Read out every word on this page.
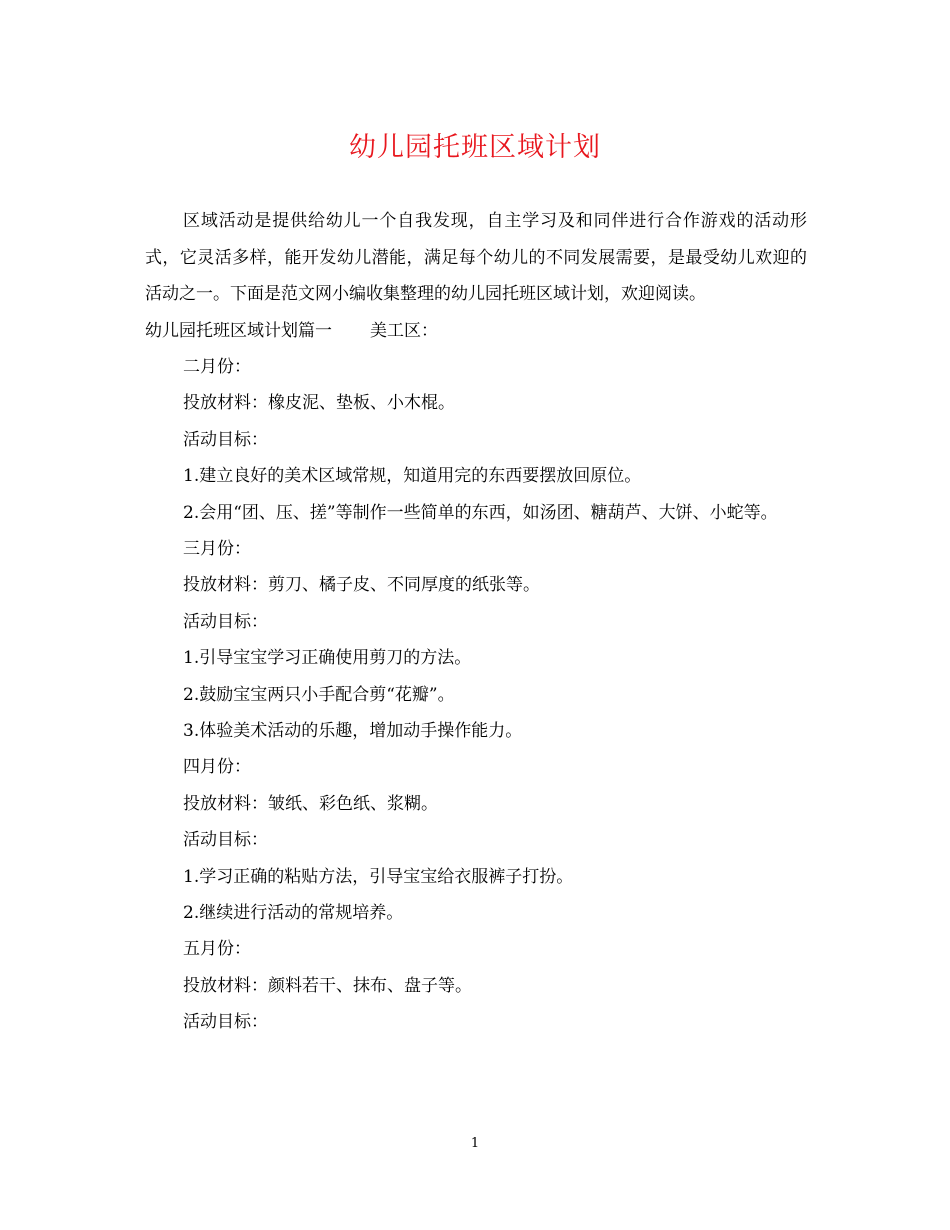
幼儿园托班区域计划

区域活动是提供给幼儿一个自我发现，自主学习及和同伴进行合作游戏的活动形式，它灵活多样，能开发幼儿潜能，满足每个幼儿的不同发展需要，是最受幼儿欢迎的活动之一。下面是范文网小编收集整理的幼儿园托班区域计划，欢迎阅读。

幼儿园托班区域计划篇一 美工区：

二月份：

投放材料：橡皮泥、垫板、小木棍。

活动目标：

1.建立良好的美术区域常规，知道用完的东西要摆放回原位。

2.会用“团、压、搓”等制作一些简单的东西，如汤团、糖葫芦、大饼、小蛇等。

三月份：

投放材料：剪刀、橘子皮、不同厚度的纸张等。

活动目标：

1.引导宝宝学习正确使用剪刀的方法。

2.鼓励宝宝两只小手配合剪“花瓣”。

3.体验美术活动的乐趣，增加动手操作能力。

四月份：

投放材料：皱纸、彩色纸、浆糊。

活动目标：

1.学习正确的粘贴方法，引导宝宝给衣服裤子打扮。

2.继续进行活动的常规培养。

五月份：

投放材料：颜料若干、抹布、盘子等。

活动目标：

1
